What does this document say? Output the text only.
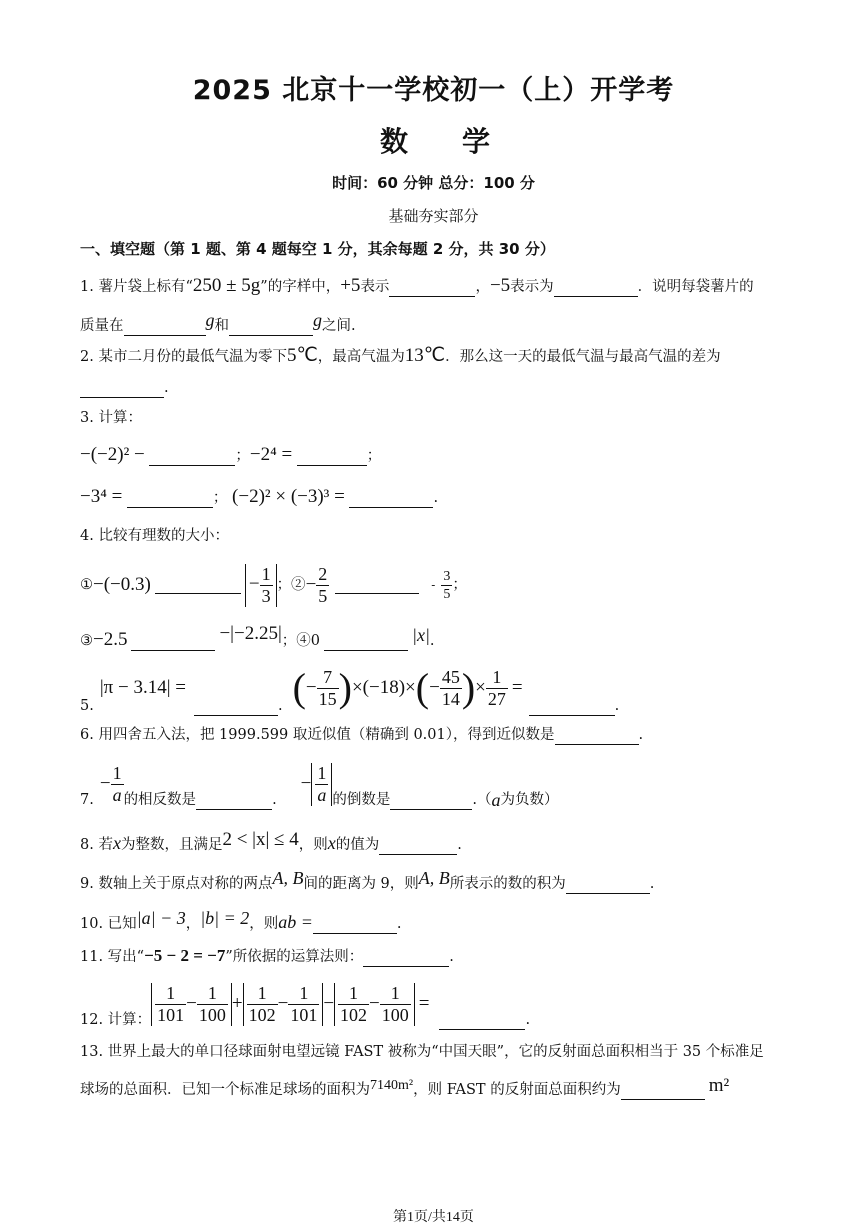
2025 北京十一学校初一（上）开学考
数学
时间：60 分钟 总分：100 分
基础夯实部分
一、填空题（第 1 题、第 4 题每空 1 分，其余每题 2 分，共 30 分）
1. 薯片袋上标有“250 ± 5g”的字样中，+5表示	，−5表示为	．说明每袋薯片的
质量在	g和	g之间.
2. 某市二月份的最低气温为零下5℃，最高气温为13℃．那么这一天的最低气温与最高气温的差为
.
3. 计算：
−(−2)² −	；−2⁴ =	；
−3⁴ =	； (−2)² × (−3)³ =	.
4. 比较有理数的大小：
① −(−0.3)	− $\frac{1}{3}$ ；② − $\frac{2}{5}$	- $\frac{3}{5}$ ；
③−2.5	−|−2.25|；④0	|x|.
5.
|π − 3.14| =
. ( − $\frac{7}{15}$ ) ×(−18)× ( − $\frac{45}{14}$ ) × $\frac{1}{27}$ =
.
6. 用四舍五入法，把 1999.599 取近似值（精确到 0.01），得到近似数是	.
7.
− $\frac{1}{a}$ 的相反数是	.
− $\frac{1}{a}$ 的倒数是	.（ a 为负数）
8. 若x为整数，且满足2 < |x| ≤ 4，则x的值为	.
9. 数轴上关于原点对称的两点A, B间的距离为 9，则A, B所表示的数的积为	.
10. 已知|a| − 3，|b| = 2，则ab =	.
11. 写出“−5 − 2 = −7”所依据的运算法则：	.
12. 计算： $\frac{1}{101} - \frac{1}{100} + \frac{1}{102} - \frac{1}{101} - \frac{1}{102} - \frac{1}{100}$ =
.
13. 世界上最大的单口径球面射电望远镜 FAST 被称为“中国天眼”，它的反射面总面积相当于 35 个标准足
球场的总面积．已知一个标准足球场的面积为7140m²，则 FAST 的反射面总面积约为	m²
第1页/共14页
